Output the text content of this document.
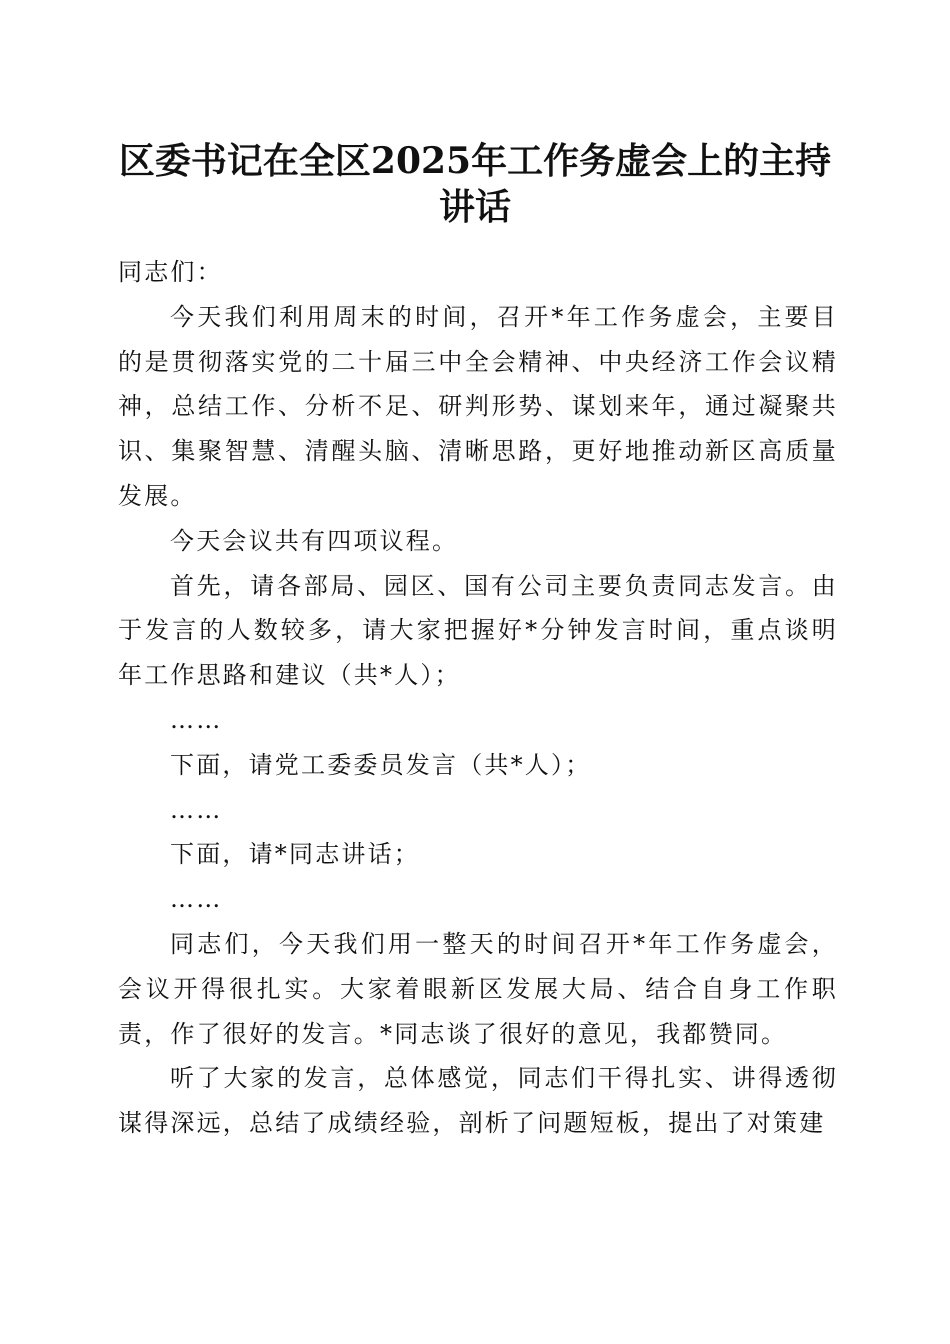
区委书记在全区2025年工作务虚会上的主持
讲话

同志们：

今天我们利用周末的时间，召开*年工作务虚会，主要目的是贯彻落实党的二十届三中全会精神、中央经济工作会议精神，总结工作、分析不足、研判形势、谋划来年，通过凝聚共识、集聚智慧、清醒头脑、清晰思路，更好地推动新区高质量发展。

今天会议共有四项议程。

首先，请各部局、园区、国有公司主要负责同志发言。由于发言的人数较多，请大家把握好*分钟发言时间，重点谈明年工作思路和建议（共*人）；

……

下面，请党工委委员发言（共*人）；

……

下面，请*同志讲话；

……

同志们，今天我们用一整天的时间召开*年工作务虚会，会议开得很扎实。大家着眼新区发展大局、结合自身工作职责，作了很好的发言。*同志谈了很好的意见，我都赞同。

听了大家的发言，总体感觉，同志们干得扎实、讲得透彻谋得深远，总结了成绩经验，剖析了问题短板，提出了对策建
